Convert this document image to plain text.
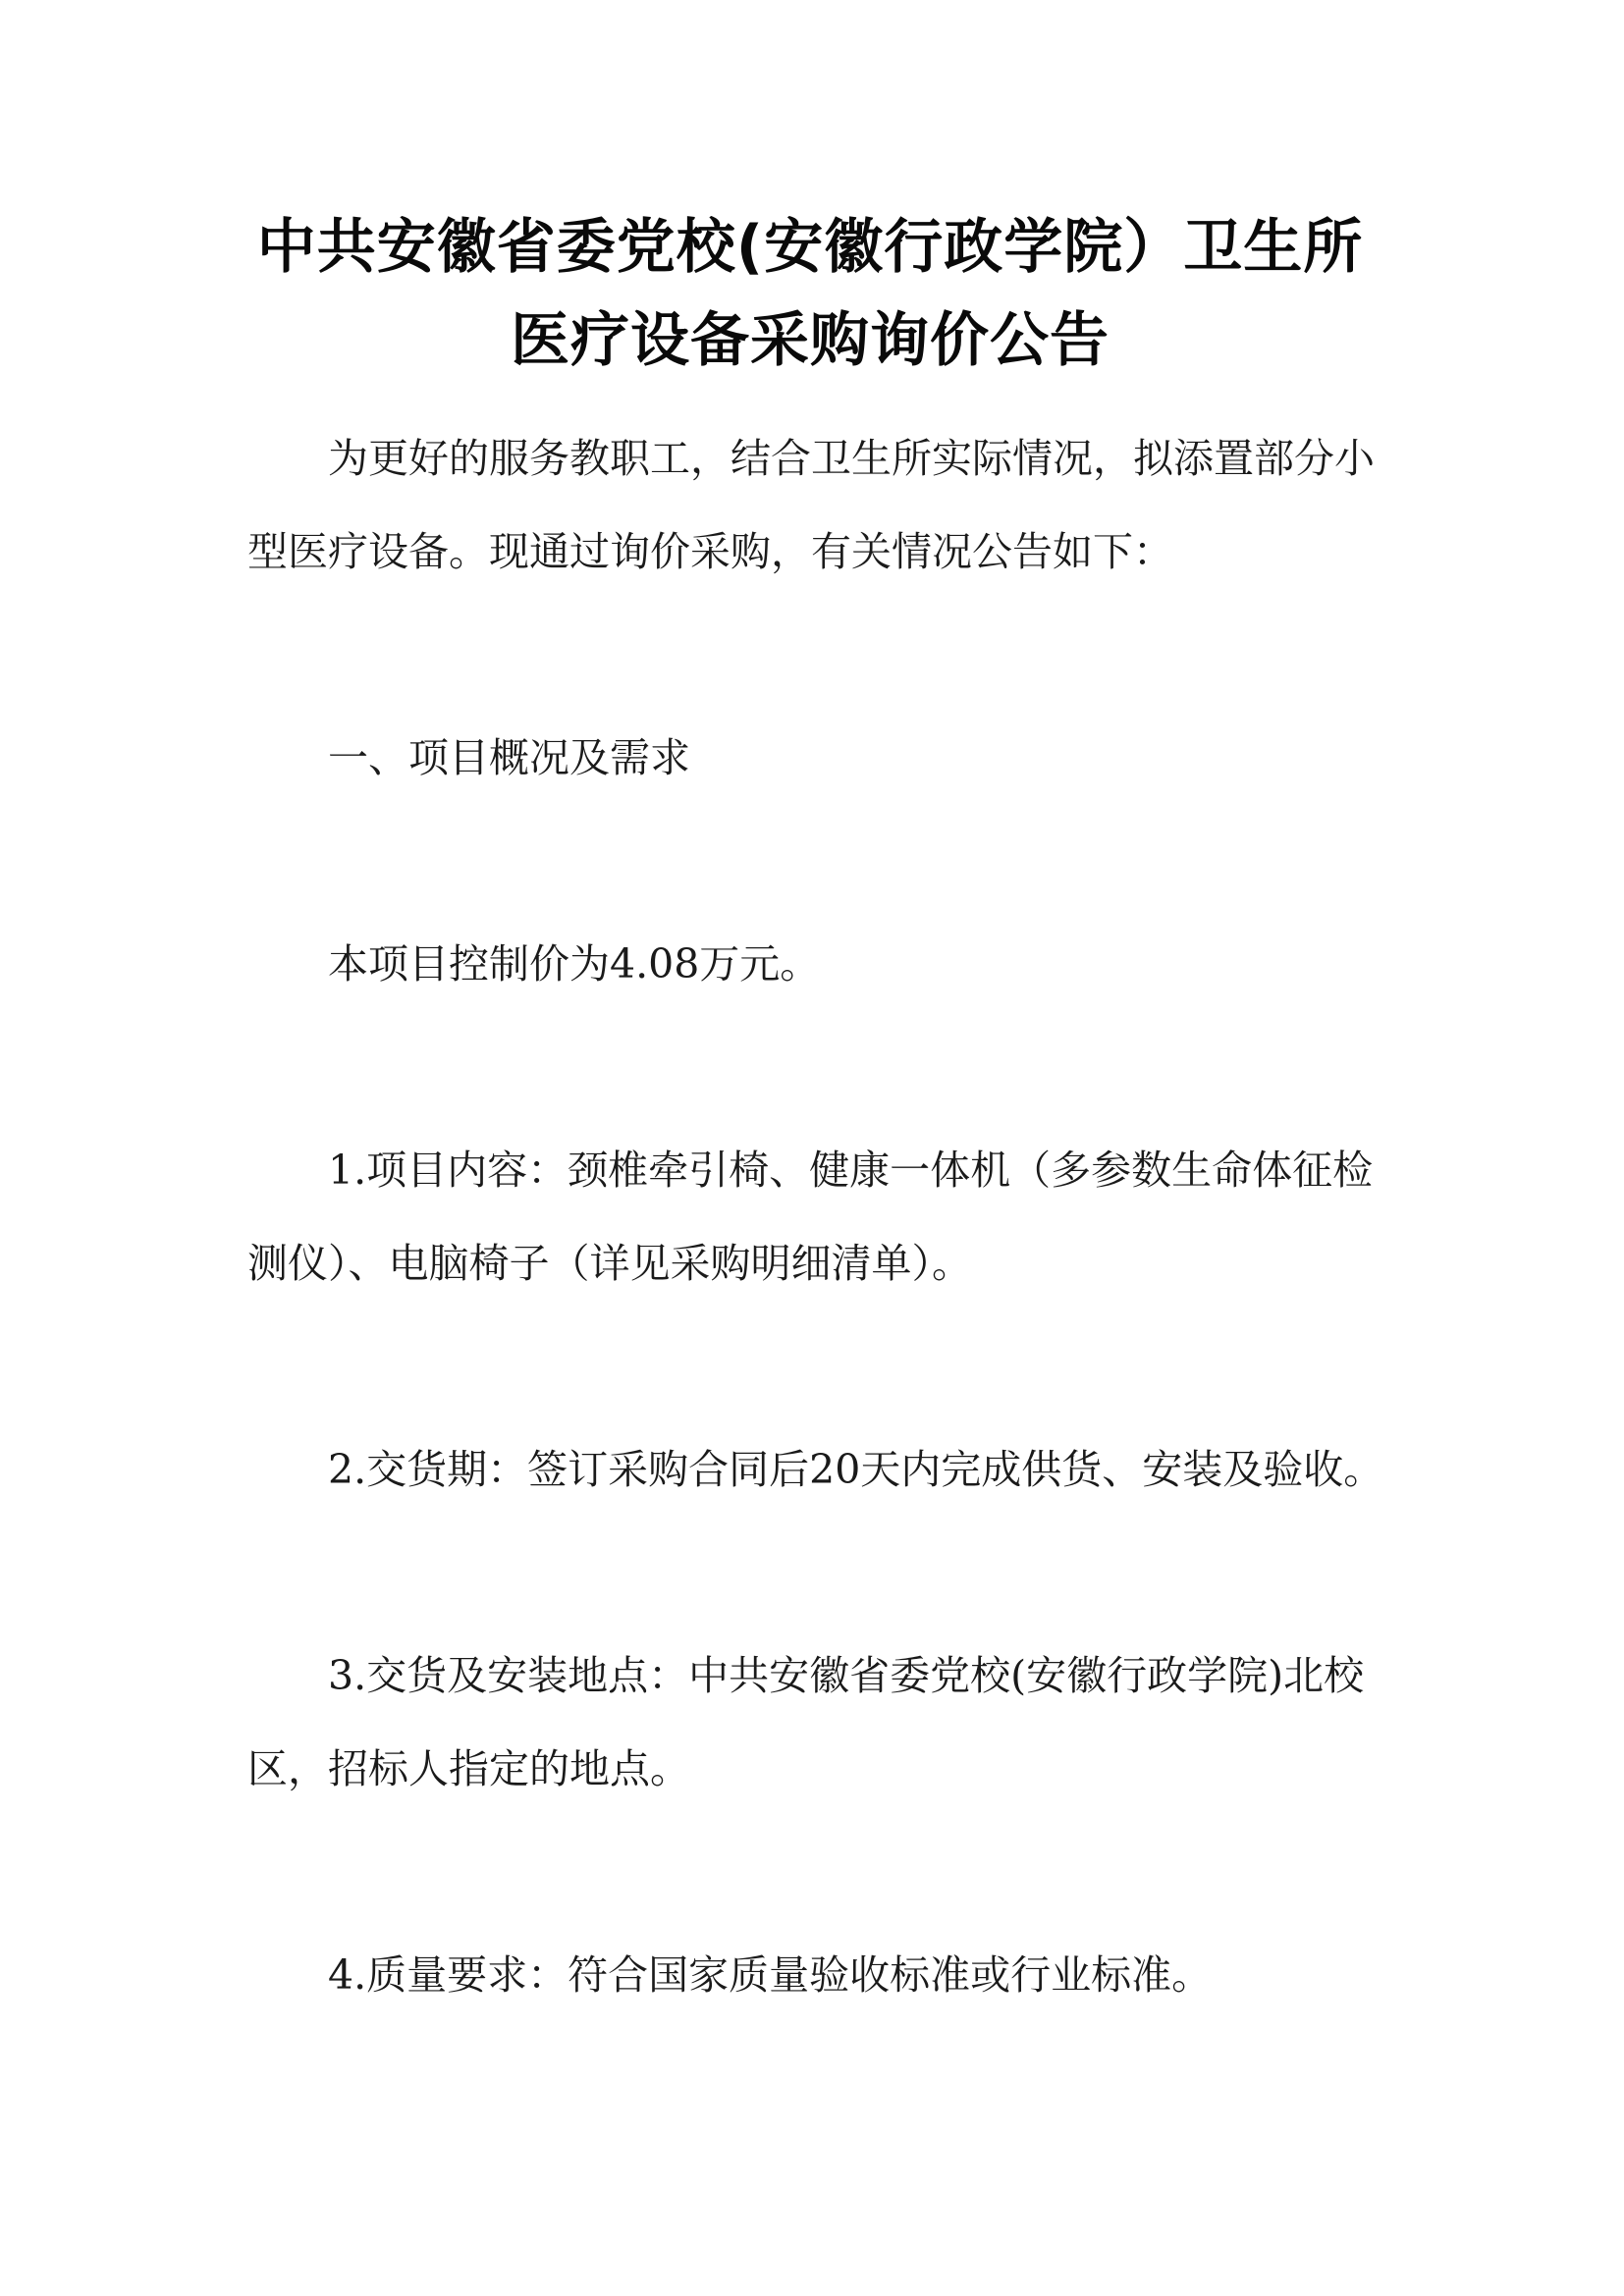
中共安徽省委党校(安徽行政学院）卫生所
医疗设备采购询价公告

为更好的服务教职工，结合卫生所实际情况，拟添置部分小型医疗设备。现通过询价采购，有关情况公告如下：

一、项目概况及需求

本项目控制价为4.08万元。

1.项目内容：颈椎牵引椅、健康一体机（多参数生命体征检测仪）、电脑椅子（详见采购明细清单）。

2.交货期：签订采购合同后20天内完成供货、安装及验收。

3.交货及安装地点：中共安徽省委党校(安徽行政学院)北校区，招标人指定的地点。

4.质量要求：符合国家质量验收标准或行业标准。
